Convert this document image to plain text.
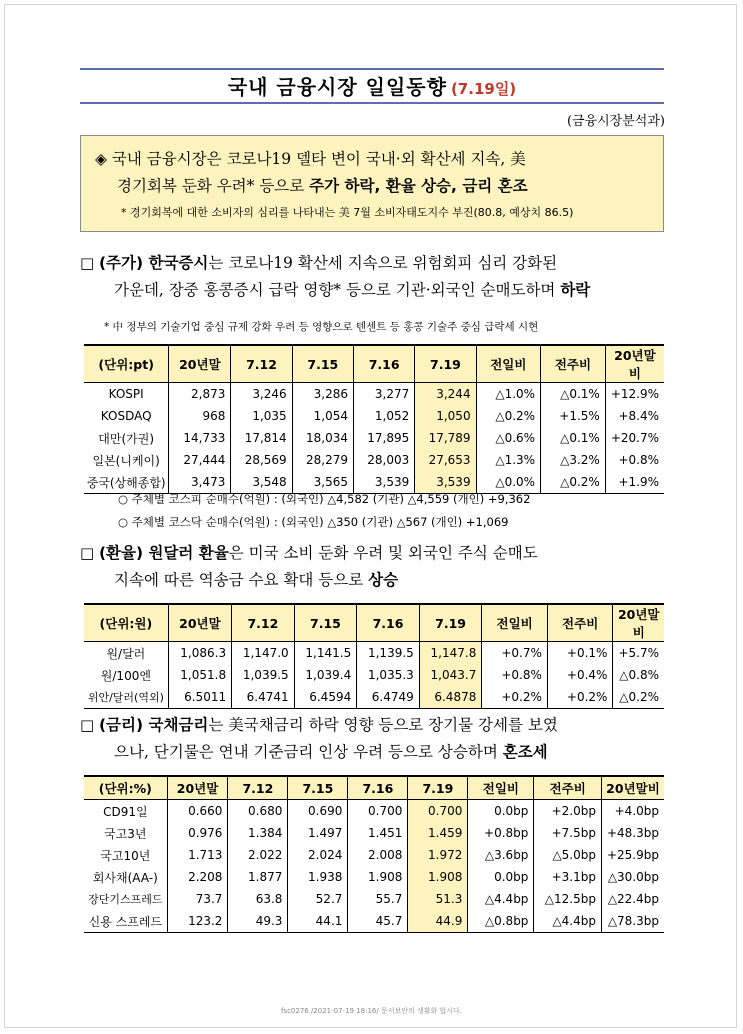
국내 금융시장 일일동향 (7.19일)
(금융시장분석과)
◈ 국내 금융시장은 코로나19 델타 변이 국내·외 확산세 지속, 美
경기회복 둔화 우려* 등으로 주가 하락, 환율 상승, 금리 혼조
* 경기회복에 대한 소비자의 심리를 나타내는 美 7월 소비자태도지수 부진(80.8, 예상치 86.5)
□ (주가) 한국증시는 코로나19 확산세 지속으로 위험회피 심리 강화된
가운데, 장중 홍콩증시 급락 영향* 등으로 기관·외국인 순매도하며 하락
* 中 정부의 기술기업 중심 규제 강화 우려 등 영향으로 텐센트 등 홍콩 기술주 중심 급락세 시현
(단위:pt)	20년말	7.12	7.15	7.16	7.19	전일비	전주비	20년말비
KOSPI	2,873	3,246	3,286	3,277	3,244	△1.0%	△0.1%	+12.9%
KOSDAQ	968	1,035	1,054	1,052	1,050	△0.2%	+1.5%	+8.4%
대만(가권)	14,733	17,814	18,034	17,895	17,789	△0.6%	△0.1%	+20.7%
일본(니케이)	27,444	28,569	28,279	28,003	27,653	△1.3%	△3.2%	+0.8%
중국(상해종합)	3,473	3,548	3,565	3,539	3,539	△0.0%	△0.2%	+1.9%
○ 주체별 코스피 순매수(억원) : (외국인) △4,582 (기관) △4,559 (개인) +9,362
○ 주체별 코스닥 순매수(억원) : (외국인) △350 (기관) △567 (개인) +1,069
□ (환율) 원달러 환율은 미국 소비 둔화 우려 및 외국인 주식 순매도
지속에 따른 역송금 수요 확대 등으로 상승
(단위:원)	20년말	7.12	7.15	7.16	7.19	전일비	전주비	20년말비
원/달러	1,086.3	1,147.0	1,141.5	1,139.5	1,147.8	+0.7%	+0.1%	+5.7%
원/100엔	1,051.8	1,039.5	1,039.4	1,035.3	1,043.7	+0.8%	+0.4%	△0.8%
위안/달러(역외)	6.5011	6.4741	6.4594	6.4749	6.4878	+0.2%	+0.2%	△0.2%
□ (금리) 국채금리는 美국채금리 하락 영향 등으로 장기물 강세를 보였
으나, 단기물은 연내 기준금리 인상 우려 등으로 상승하며 혼조세
(단위:%)	20년말	7.12	7.15	7.16	7.19	전일비	전주비	20년말비
CD91일	0.660	0.680	0.690	0.700	0.700	0.0bp	+2.0bp	+4.0bp
국고3년	0.976	1.384	1.497	1.451	1.459	+0.8bp	+7.5bp	+48.3bp
국고10년	1.713	2.022	2.024	2.008	1.972	△3.6bp	△5.0bp	+25.9bp
회사채(AA-)	2.208	1.877	1.938	1.908	1.908	0.0bp	+3.1bp	△30.0bp
장단기스프레드	73.7	63.8	52.7	55.7	51.3	△4.4bp	△12.5bp	△22.4bp
신용 스프레드	123.2	49.3	44.1	45.7	44.9	△0.8bp	△4.4bp	△78.3bp
fsc0276 /2021-07-19 18:16/ 문서보안의 생활화 합시다.
